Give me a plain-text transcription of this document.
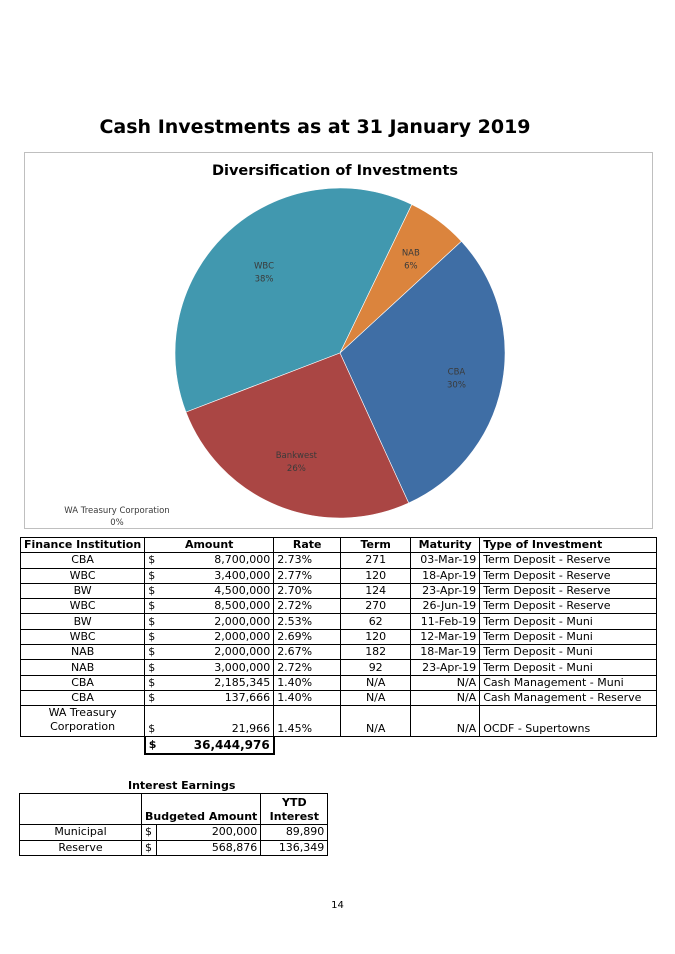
Cash Investments as at 31 January 2019
Diversification of Investments
WBC
38%
NAB
6%
CBA
30%
Bankwest
26%
WA Treasury Corporation
0%
Finance Institution	Amount		Rate	Term	Maturity	Type of Investment
CBA	$	8,700,000	2.73%	271	03-Mar-19	Term Deposit - Reserve
WBC	$	3,400,000	2.77%	120	18-Apr-19	Term Deposit - Reserve
BW	$	4,500,000	2.70%	124	23-Apr-19	Term Deposit - Reserve
WBC	$	8,500,000	2.72%	270	26-Jun-19	Term Deposit - Reserve
BW	$	2,000,000	2.53%	62	11-Feb-19	Term Deposit - Muni
WBC	$	2,000,000	2.69%	120	12-Mar-19	Term Deposit - Muni
NAB	$	2,000,000	2.67%	182	18-Mar-19	Term Deposit - Muni
NAB	$	3,000,000	2.72%	92	23-Apr-19	Term Deposit - Muni
CBA	$	2,185,345	1.40%	N/A	N/A	Cash Management - Muni
CBA	$	137,666	1.40%	N/A	N/A	Cash Management - Reserve
WA Treasury Corporation	$	21,966	1.45%	N/A	N/A	OCDF - Supertowns
	$	36,444,976				
Interest Earnings
	Budgeted Amount		YTD Interest
Municipal	$	200,000	89,890
Reserve	$	568,876	136,349
14
